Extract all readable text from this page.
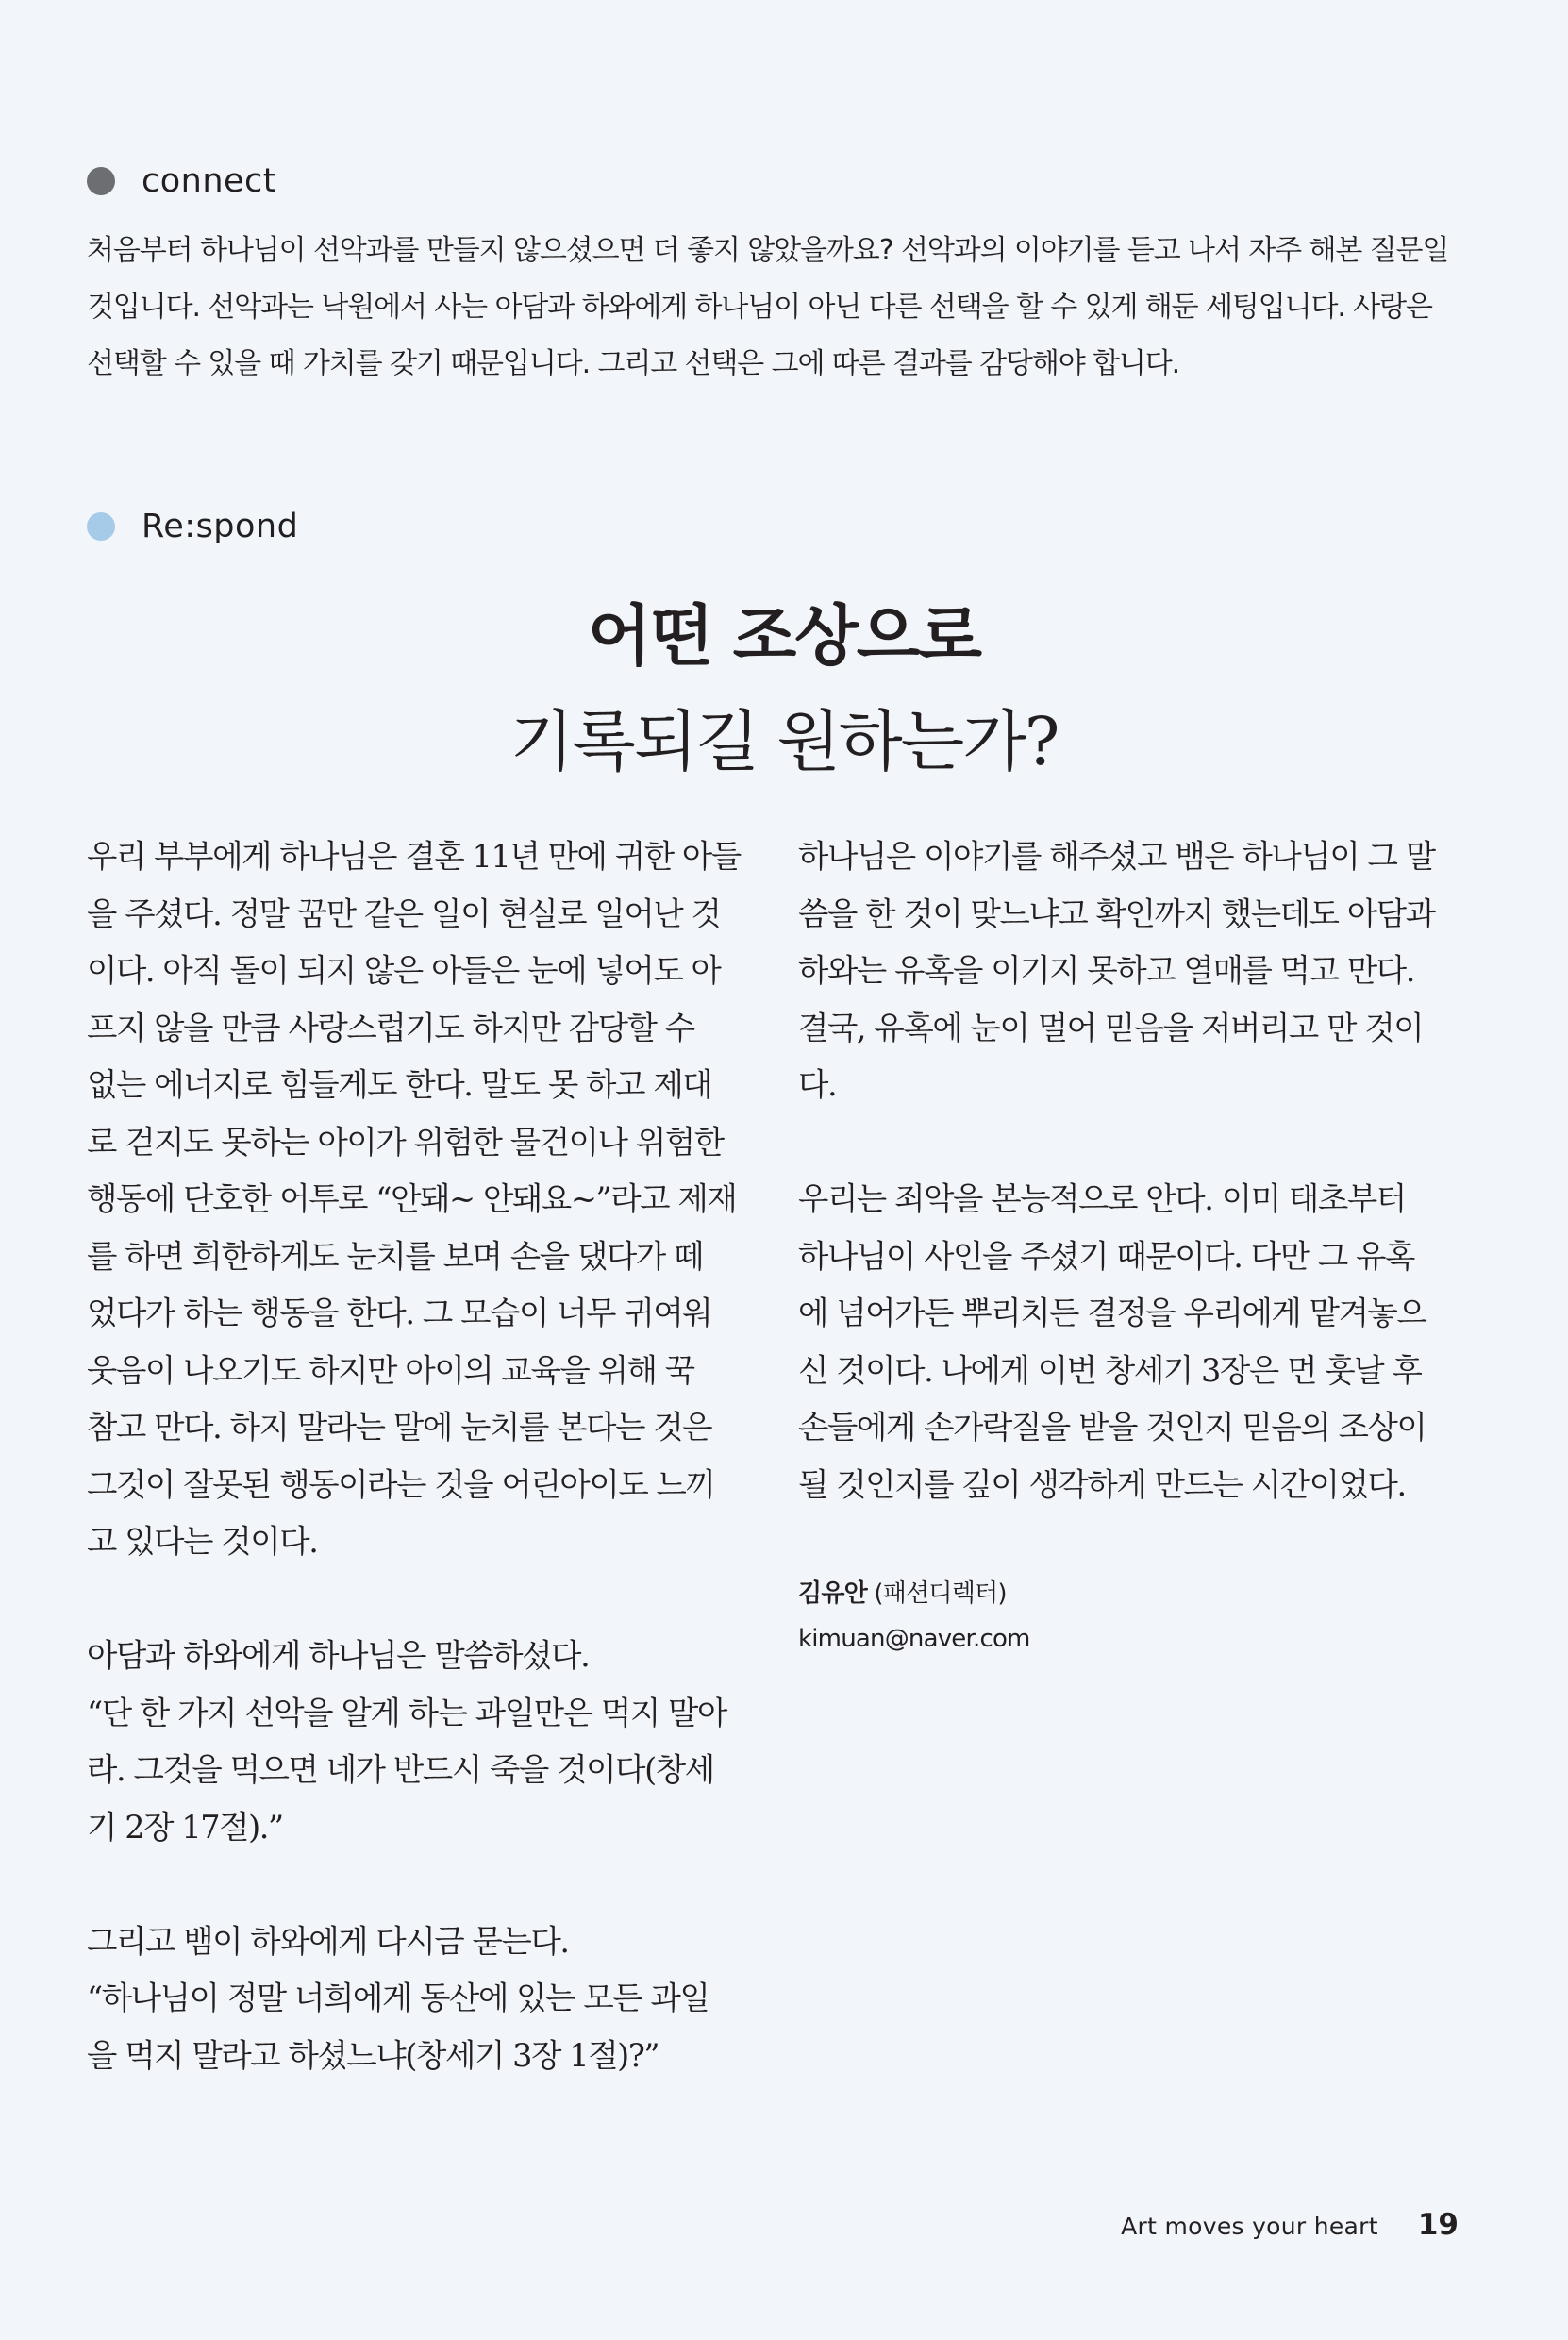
connect

처음부터 하나님이 선악과를 만들지 않으셨으면 더 좋지 않았을까요? 선악과의 이야기를 듣고 나서 자주 해본 질문일
것입니다. 선악과는 낙원에서 사는 아담과 하와에게 하나님이 아닌 다른 선택을 할 수 있게 해둔 세팅입니다. 사랑은
선택할 수 있을 때 가치를 갖기 때문입니다. 그리고 선택은 그에 따른 결과를 감당해야 합니다.

Re:spond
어떤 조상으로
기록되길 원하는가?

우리 부부에게 하나님은 결혼 11년 만에 귀한 아들
을 주셨다. 정말 꿈만 같은 일이 현실로 일어난 것
이다. 아직 돌이 되지 않은 아들은 눈에 넣어도 아
프지 않을 만큼 사랑스럽기도 하지만 감당할 수
없는 에너지로 힘들게도 한다. 말도 못 하고 제대
로 걷지도 못하는 아이가 위험한 물건이나 위험한
행동에 단호한 어투로 “안돼~ 안돼요~”라고 제재
를 하면 희한하게도 눈치를 보며 손을 댔다가 떼
었다가 하는 행동을 한다. 그 모습이 너무 귀여워
웃음이 나오기도 하지만 아이의 교육을 위해 꾹
참고 만다. 하지 말라는 말에 눈치를 본다는 것은
그것이 잘못된 행동이라는 것을 어린아이도 느끼
고 있다는 것이다.

아담과 하와에게 하나님은 말씀하셨다.
“단 한 가지 선악을 알게 하는 과일만은 먹지 말아
라. 그것을 먹으면 네가 반드시 죽을 것이다(창세
기 2장 17절).”

그리고 뱀이 하와에게 다시금 묻는다.
“하나님이 정말 너희에게 동산에 있는 모든 과일
을 먹지 말라고 하셨느냐(창세기 3장 1절)?”

하나님은 이야기를 해주셨고 뱀은 하나님이 그 말
씀을 한 것이 맞느냐고 확인까지 했는데도 아담과
하와는 유혹을 이기지 못하고 열매를 먹고 만다.
결국, 유혹에 눈이 멀어 믿음을 저버리고 만 것이다.

우리는 죄악을 본능적으로 안다. 이미 태초부터
하나님이 사인을 주셨기 때문이다. 다만 그 유혹
에 넘어가든 뿌리치든 결정을 우리에게 맡겨놓으
신 것이다. 나에게 이번 창세기 3장은 먼 훗날 후
손들에게 손가락질을 받을 것인지 믿음의 조상이
될 것인지를 깊이 생각하게 만드는 시간이었다.

김유안 (패션디렉터)
kimuan@naver.com
Art moves your heart 19
